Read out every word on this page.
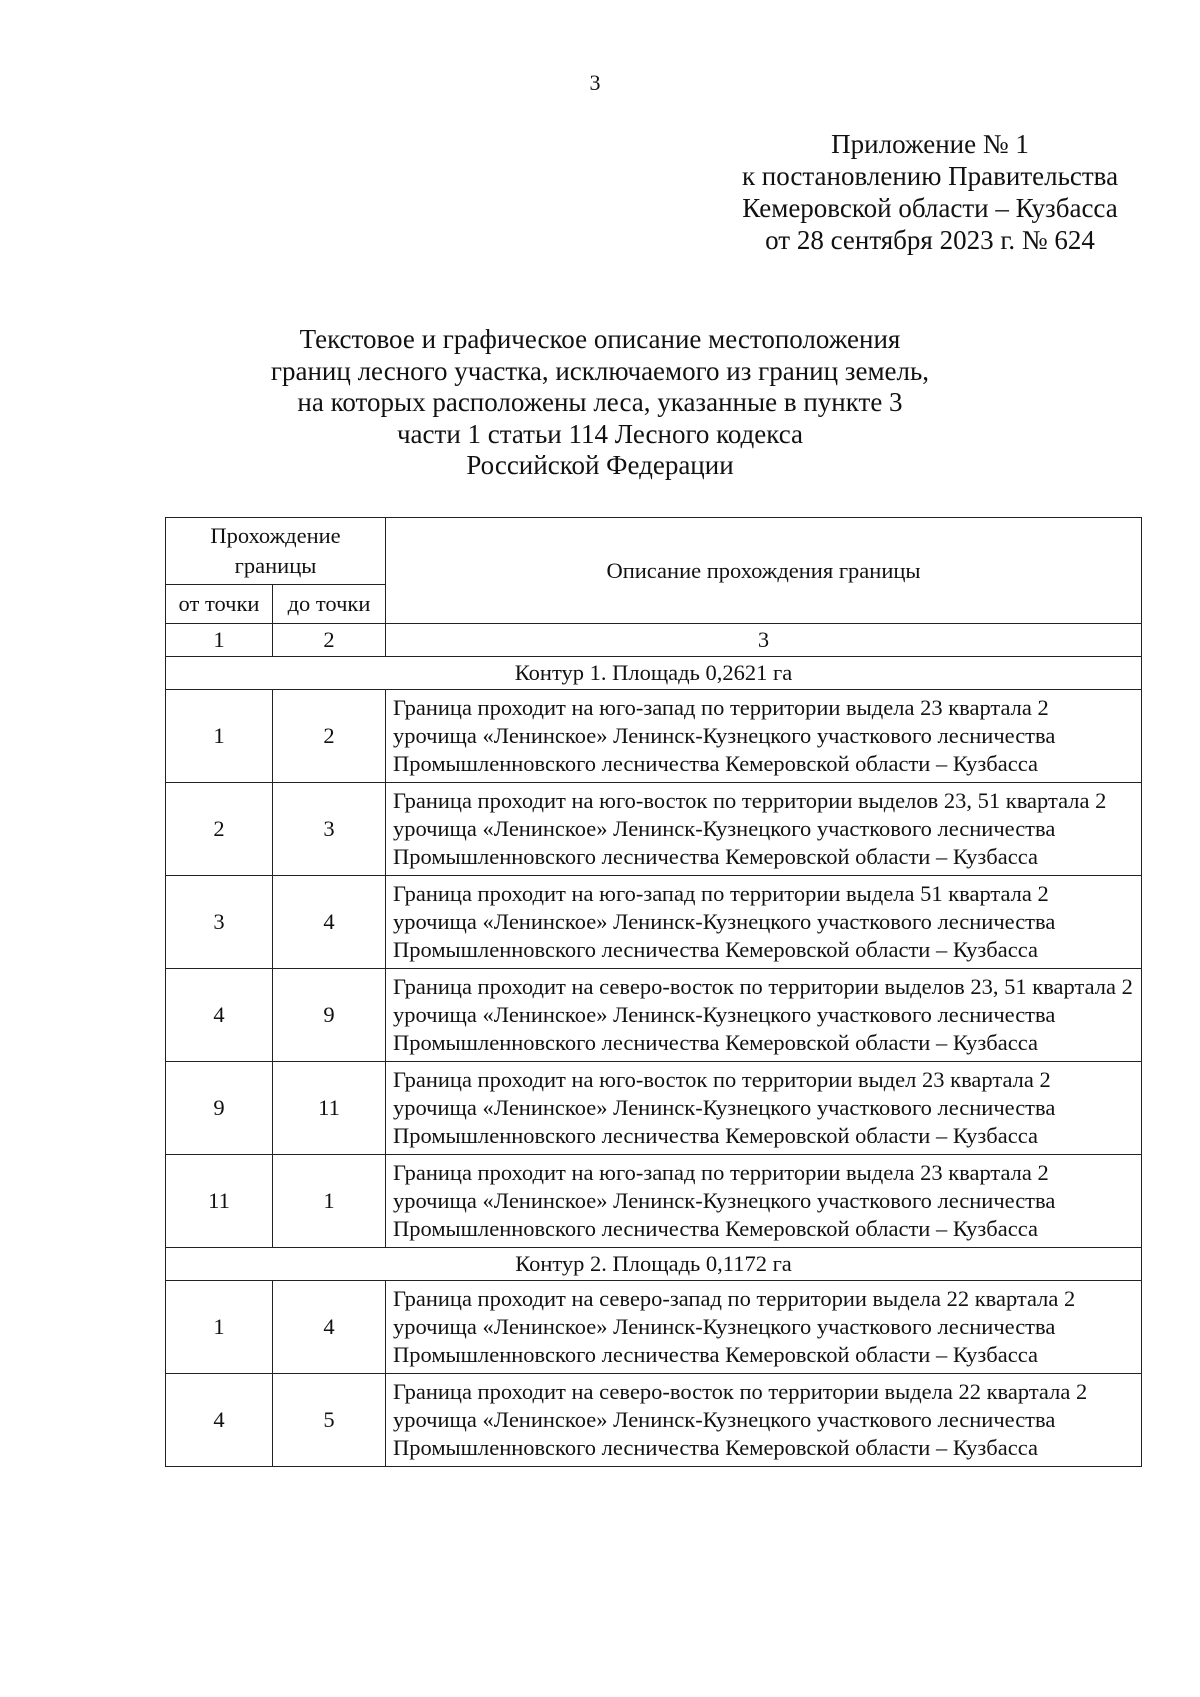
3
Приложение № 1
к постановлению Правительства
Кемеровской области – Кузбасса
от 28 сентября 2023 г. № 624
Текстовое и графическое описание местоположения
границ лесного участка, исключаемого из границ земель,
на которых расположены леса, указанные в пункте 3
части 1 статьи 114 Лесного кодекса
Российской Федерации
Прохождение границы		Описание прохождения границы
от точки	до точки	
1	2	3
Контур 1. Площадь 0,2621 га		
1	2	Граница проходит на юго-запад по территории выдела 23 квартала 2 урочища «Ленинское» Ленинск-Кузнецкого участкового лесничества Промышленновского лесничества Кемеровской области – Кузбасса
2	3	Граница проходит на юго-восток по территории выделов 23, 51 квартала 2 урочища «Ленинское» Ленинск-Кузнецкого участкового лесничества Промышленновского лесничества Кемеровской области – Кузбасса
3	4	Граница проходит на юго-запад по территории выдела 51 квартала 2 урочища «Ленинское» Ленинск-Кузнецкого участкового лесничества Промышленновского лесничества Кемеровской области – Кузбасса
4	9	Граница проходит на северо-восток по территории выделов 23, 51 квартала 2 урочища «Ленинское» Ленинск-Кузнецкого участкового лесничества Промышленновского лесничества Кемеровской области – Кузбасса
9	11	Граница проходит на юго-восток по территории выдел 23 квартала 2 урочища «Ленинское» Ленинск-Кузнецкого участкового лесничества Промышленновского лесничества Кемеровской области – Кузбасса
11	1	Граница проходит на юго-запад по территории выдела 23 квартала 2 урочища «Ленинское» Ленинск-Кузнецкого участкового лесничества Промышленновского лесничества Кемеровской области – Кузбасса
Контур 2. Площадь 0,1172 га		
1	4	Граница проходит на северо-запад по территории выдела 22 квартала 2 урочища «Ленинское» Ленинск-Кузнецкого участкового лесничества Промышленновского лесничества Кемеровской области – Кузбасса
4	5	Граница проходит на северо-восток по территории выдела 22 квартала 2 урочища «Ленинское» Ленинск-Кузнецкого участкового лесничества Промышленновского лесничества Кемеровской области – Кузбасса
